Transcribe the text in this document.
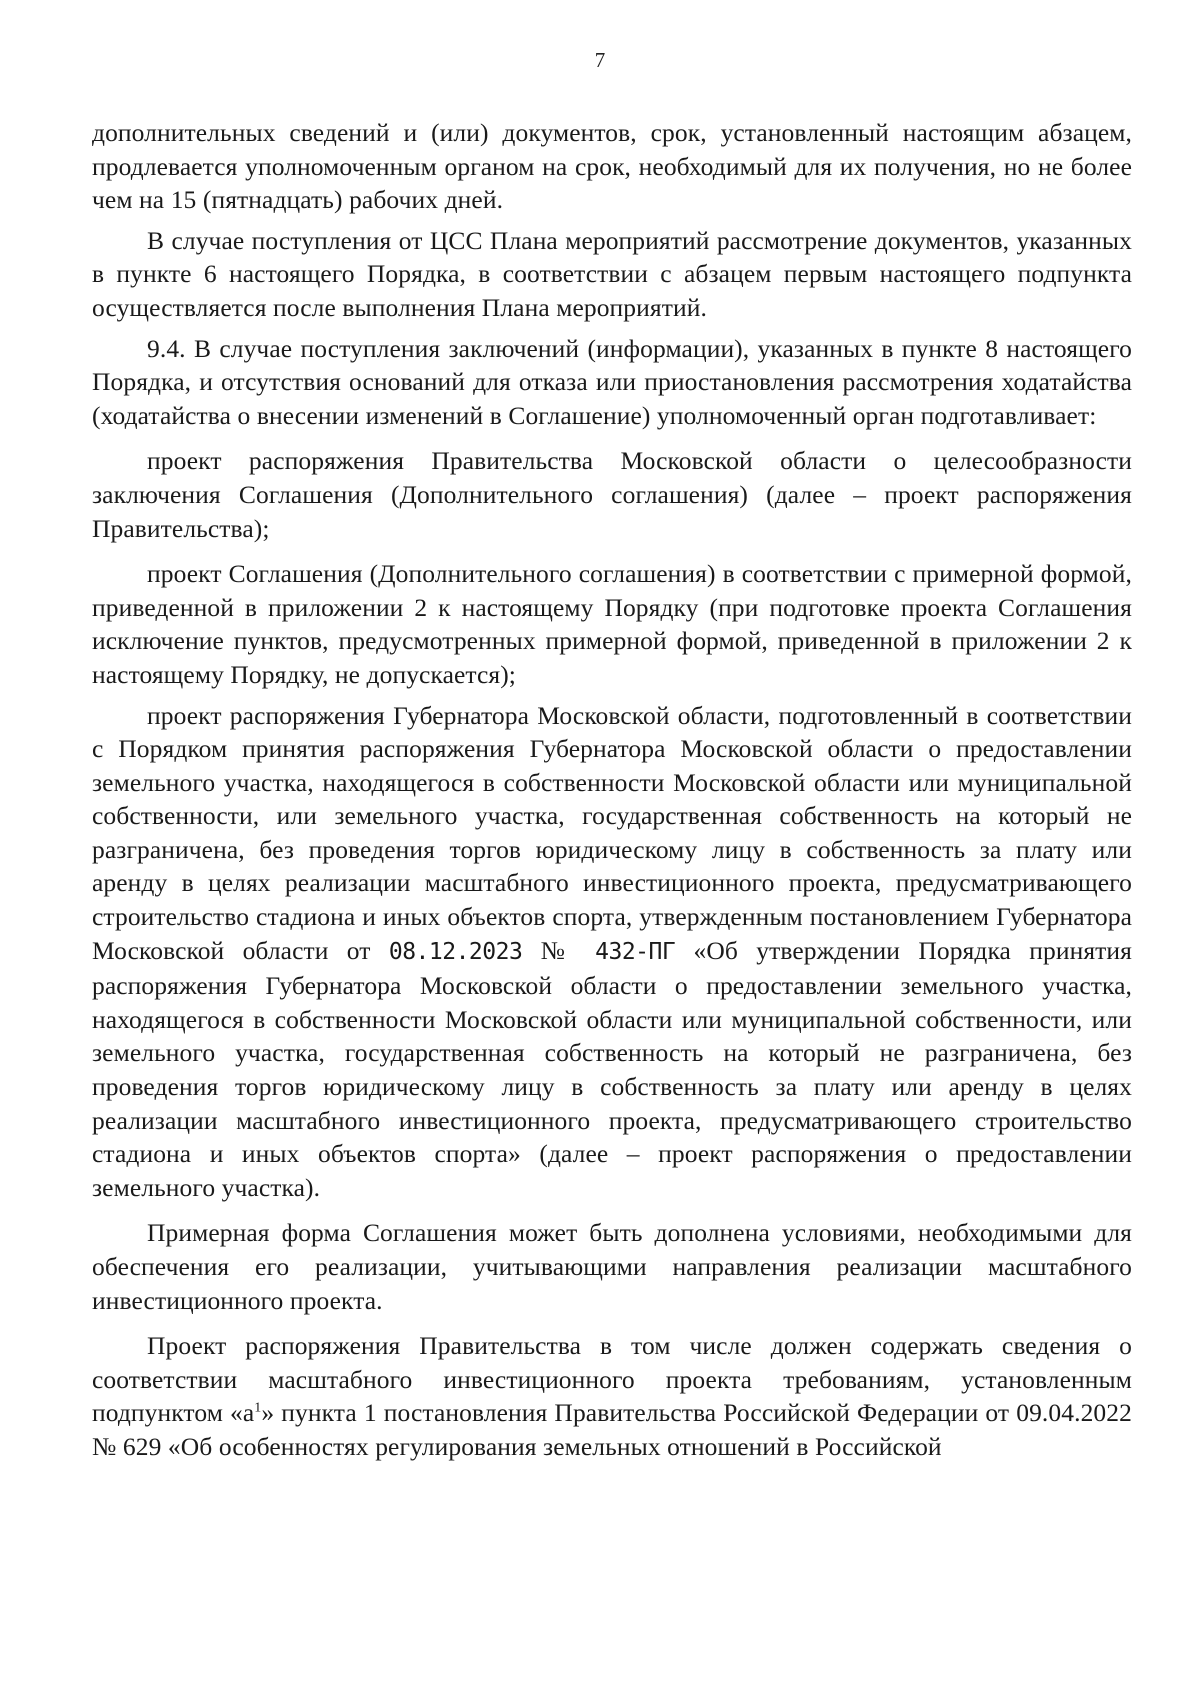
7

дополнительных сведений и (или) документов, срок, установленный настоящим абзацем, продлевается уполномоченным органом на срок, необходимый для их получения, но не более чем на 15 (пятнадцать) рабочих дней.

В случае поступления от ЦСС Плана мероприятий рассмотрение документов, указанных в пункте 6 настоящего Порядка, в соответствии с абзацем первым настоящего подпункта осуществляется после выполнения Плана мероприятий.

9.4. В случае поступления заключений (информации), указанных в пункте 8 настоящего Порядка, и отсутствия оснований для отказа или приостановления рассмотрения ходатайства (ходатайства о внесении изменений в Соглашение) уполномоченный орган подготавливает:

проект распоряжения Правительства Московской области о целесообразности заключения Соглашения (Дополнительного соглашения) (далее – проект распоряжения Правительства);

проект Соглашения (Дополнительного соглашения) в соответствии с примерной формой, приведенной в приложении 2 к настоящему Порядку (при подготовке проекта Соглашения исключение пунктов, предусмотренных примерной формой, приведенной в приложении 2 к настоящему Порядку, не допускается);

проект распоряжения Губернатора Московской области, подготовленный в соответствии с Порядком принятия распоряжения Губернатора Московской области о предоставлении земельного участка, находящегося в собственности Московской области или муниципальной собственности, или земельного участка, государственная собственность на который не разграничена, без проведения торгов юридическому лицу в собственность за плату или аренду в целях реализации масштабного инвестиционного проекта, предусматривающего строительство стадиона и иных объектов спорта, утвержденным постановлением Губернатора Московской области от 08.12.2023 № 432-ПГ «Об утверждении Порядка принятия распоряжения Губернатора Московской области о предоставлении земельного участка, находящегося в собственности Московской области или муниципальной собственности, или земельного участка, государственная собственность на который не разграничена, без проведения торгов юридическому лицу в собственность за плату или аренду в целях реализации масштабного инвестиционного проекта, предусматривающего строительство стадиона и иных объектов спорта» (далее – проект распоряжения о предоставлении земельного участка).

Примерная форма Соглашения может быть дополнена условиями, необходимыми для обеспечения его реализации, учитывающими направления реализации масштабного инвестиционного проекта.

Проект распоряжения Правительства в том числе должен содержать сведения о соответствии масштабного инвестиционного проекта требованиям, установленным подпунктом «$а^1$» пункта 1 постановления Правительства Российской Федерации от 09.04.2022 № 629 «Об особенностях регулирования земельных отношений в Российской
